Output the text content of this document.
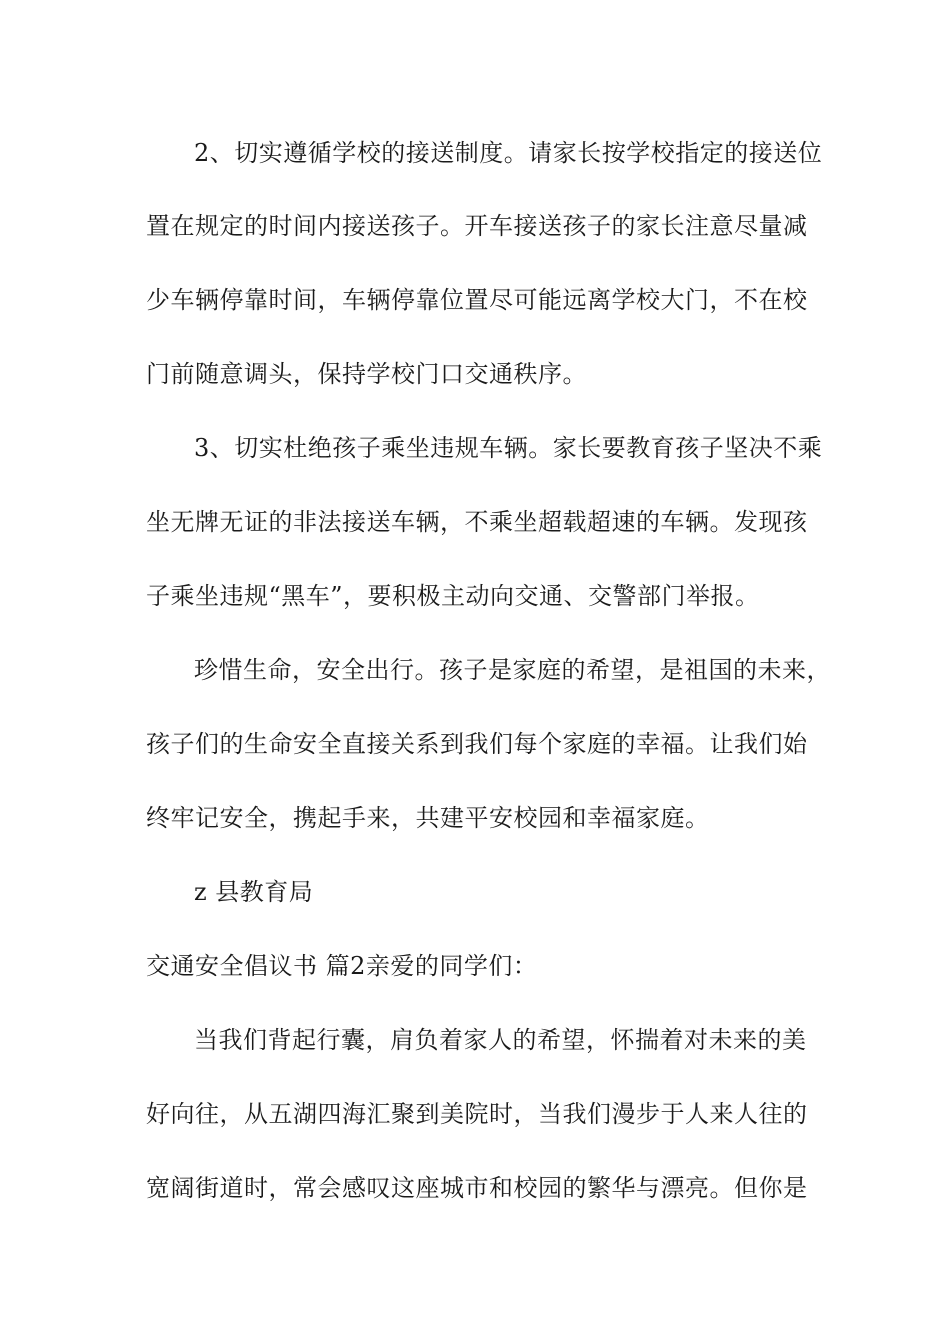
2、切实遵循学校的接送制度。请家长按学校指定的接送位
置在规定的时间内接送孩子。开车接送孩子的家长注意尽量减
少车辆停靠时间，车辆停靠位置尽可能远离学校大门，不在校
门前随意调头，保持学校门口交通秩序。
3、切实杜绝孩子乘坐违规车辆。家长要教育孩子坚决不乘
坐无牌无证的非法接送车辆，不乘坐超载超速的车辆。发现孩
子乘坐违规“黑车”，要积极主动向交通、交警部门举报。
珍惜生命，安全出行。孩子是家庭的希望，是祖国的未来，
孩子们的生命安全直接关系到我们每个家庭的幸福。让我们始
终牢记安全，携起手来，共建平安校园和幸福家庭。
z 县教育局
交通安全倡议书 篇2亲爱的同学们：
当我们背起行囊，肩负着家人的希望，怀揣着对未来的美
好向往，从五湖四海汇聚到美院时，当我们漫步于人来人往的
宽阔街道时，常会感叹这座城市和校园的繁华与漂亮。但你是
